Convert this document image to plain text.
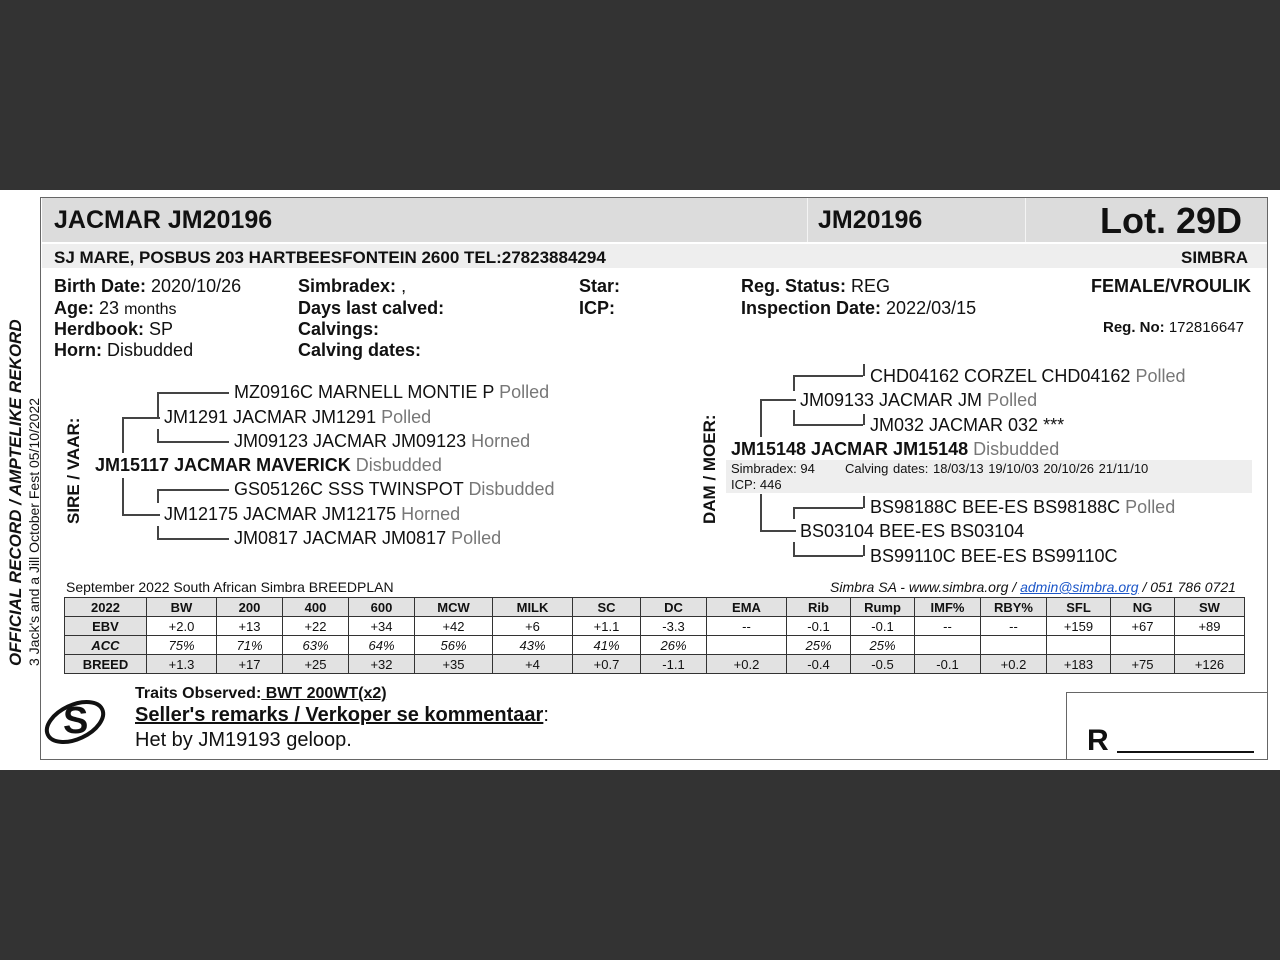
OFFICIAL RECORD / AMPTELIKE REKORD 3 Jack's and a Jill October Fest 05/10/2022
JACMAR JM20196	JM20196	Lot. 29D
SJ MARE, POSBUS 203 HARTBEESFONTEIN 2600 TEL:27823884294	SIMBRA
Birth Date: 2020/10/26
Age: 23 months
Herdbook: SP
Horn: Disbudded
Simbradex: ,
Days last calved:
Calvings:
Calving dates:
Star:
ICP:
Reg. Status: REG
Inspection Date: 2022/03/15
FEMALE/VROULIK
Reg. No: 172816647
SIRE / VAAR:
MZ0916C MARNELL MONTIE P Polled
JM1291 JACMAR JM1291 Polled
JM09123 JACMAR JM09123 Horned
JM15117 JACMAR MAVERICK Disbudded
GS05126C SSS TWINSPOT Disbudded
JM12175 JACMAR JM12175 Horned
JM0817 JACMAR JM0817 Polled
DAM / MOER:
CHD04162 CORZEL CHD04162 Polled
JM09133 JACMAR JM Polled
JM032 JACMAR 032 ***
JM15148 JACMAR JM15148 Disbudded
Simbradex: 94 Calving dates: 18/03/13 19/10/03 20/10/26 21/11/10
ICP: 446
BS98188C BEE-ES BS98188C Polled
BS03104 BEE-ES BS03104
BS99110C BEE-ES BS99110C
September 2022 South African Simbra BREEDPLAN	Simbra SA - www.simbra.org / admin@simbra.org / 051 786 0721
2022	BW	200	400	600	MCW	MILK	SC	DC	EMA	Rib	Rump	IMF%	RBY%	SFL	NG	SW
EBV	+2.0	+13	+22	+34	+42	+6	+1.1	-3.3	--	-0.1	-0.1	--	--	+159	+67	+89
ACC	75%	71%	63%	64%	56%	43%	41%	26%		25%	25%					
BREED	+1.3	+17	+25	+32	+35	+4	+0.7	-1.1	+0.2	-0.4	-0.5	-0.1	+0.2	+183	+75	+126
S
Traits Observed: BWT 200WT(x2)
Seller's remarks / Verkoper se kommentaar:
Het by JM19193 geloop.	R
